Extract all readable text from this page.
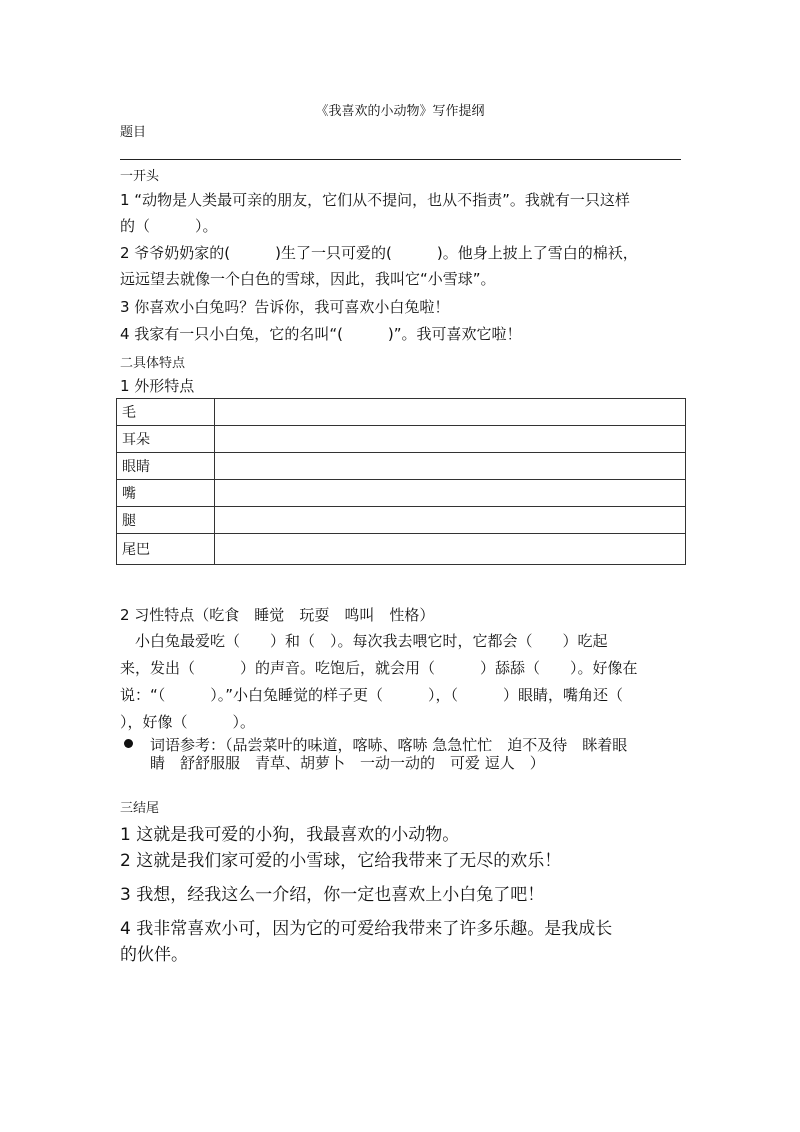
《我喜欢的小动物》写作提纲
题目
一开头
1 “动物是人类最可亲的朋友，它们从不提问，也从不指责”。我就有一只这样
的（　　　）。
2 爷爷奶奶家的(　　　)生了一只可爱的(　　　)。他身上披上了雪白的棉袄，
远远望去就像一个白色的雪球，因此，我叫它“小雪球”。
3 你喜欢小白兔吗？告诉你，我可喜欢小白兔啦！
4 我家有一只小白兔，它的名叫“(　　　)”。我可喜欢它啦！
二具体特点
1 外形特点
毛	
耳朵	
眼睛	
嘴	
腿	
尾巴	
2 习性特点（吃食　睡觉　玩耍　鸣叫　性格）
　小白兔最爱吃（　　）和（　）。每次我去喂它时，它都会（　　）吃起
来，发出（　　　）的声音。吃饱后，就会用（　　　）舔舔（　　）。好像在
说：“（　　　）。”小白兔睡觉的样子更（　　　），（　　　）眼睛，嘴角还（
），好像（　　　）。
词语参考：（品尝菜叶的味道，喀哧、喀哧 急急忙忙　迫不及待　眯着眼
睛　舒舒服服　青草、胡萝卜　一动一动的　可爱 逗人　）
三结尾
1 这就是我可爱的小狗，我最喜欢的小动物。
2 这就是我们家可爱的小雪球，它给我带来了无尽的欢乐！
3 我想，经我这么一介绍，你一定也喜欢上小白兔了吧！
4 我非常喜欢小可，因为它的可爱给我带来了许多乐趣。是我成长
的伙伴。
